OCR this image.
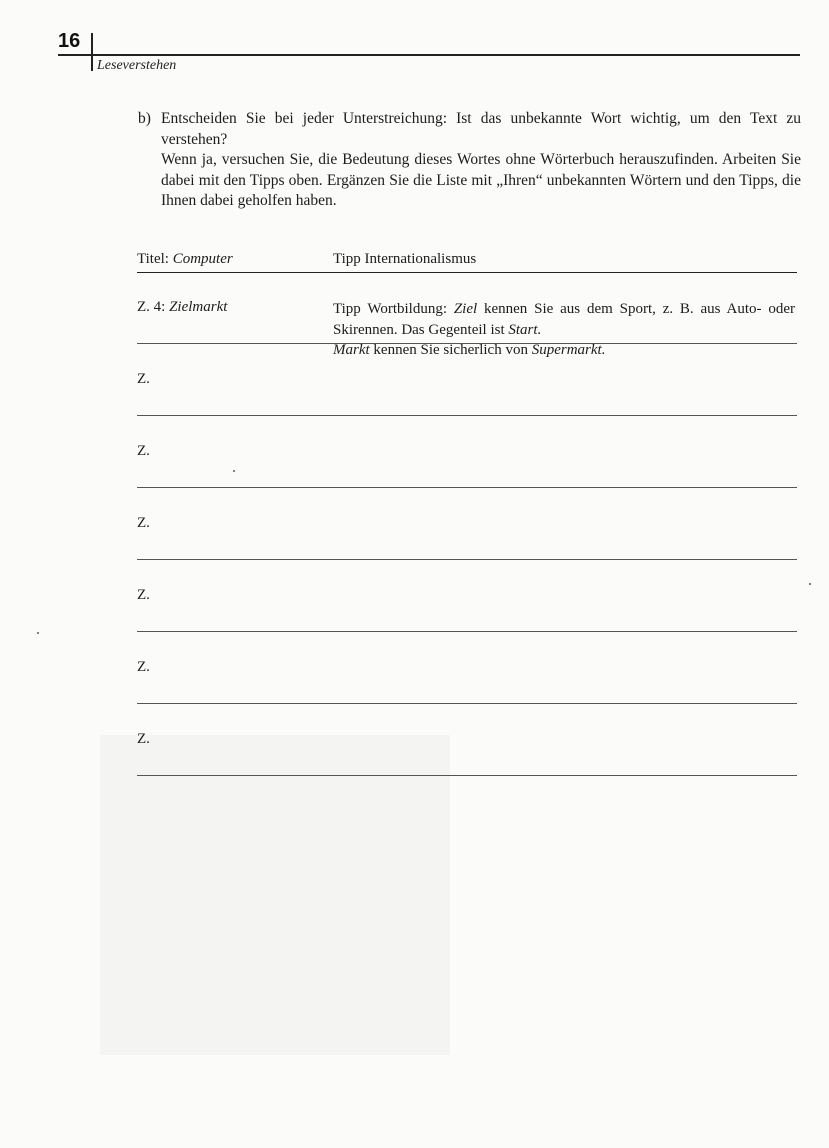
16
Leseverstehen
b) Entscheiden Sie bei jeder Unterstreichung: Ist das unbekannte Wort wichtig, um den Text zu verstehen?

Wenn ja, versuchen Sie, die Bedeutung dieses Wortes ohne Wörterbuch herauszufinden. Arbeiten Sie dabei mit den Tipps oben. Ergänzen Sie die Liste mit „Ihren“ unbekannten Wörtern und den Tipps, die Ihnen dabei geholfen haben.

Titel: Computer	Tipp Internationalismus
Z. 4: Zielmarkt	Tipp Wortbildung: Ziel kennen Sie aus dem Sport, z. B. aus Auto- oder Skirennen. Das Gegenteil ist Start.

Markt kennen Sie sicherlich von Supermarkt.

Z.
Z.
Z.
Z.
Z.
Z.
